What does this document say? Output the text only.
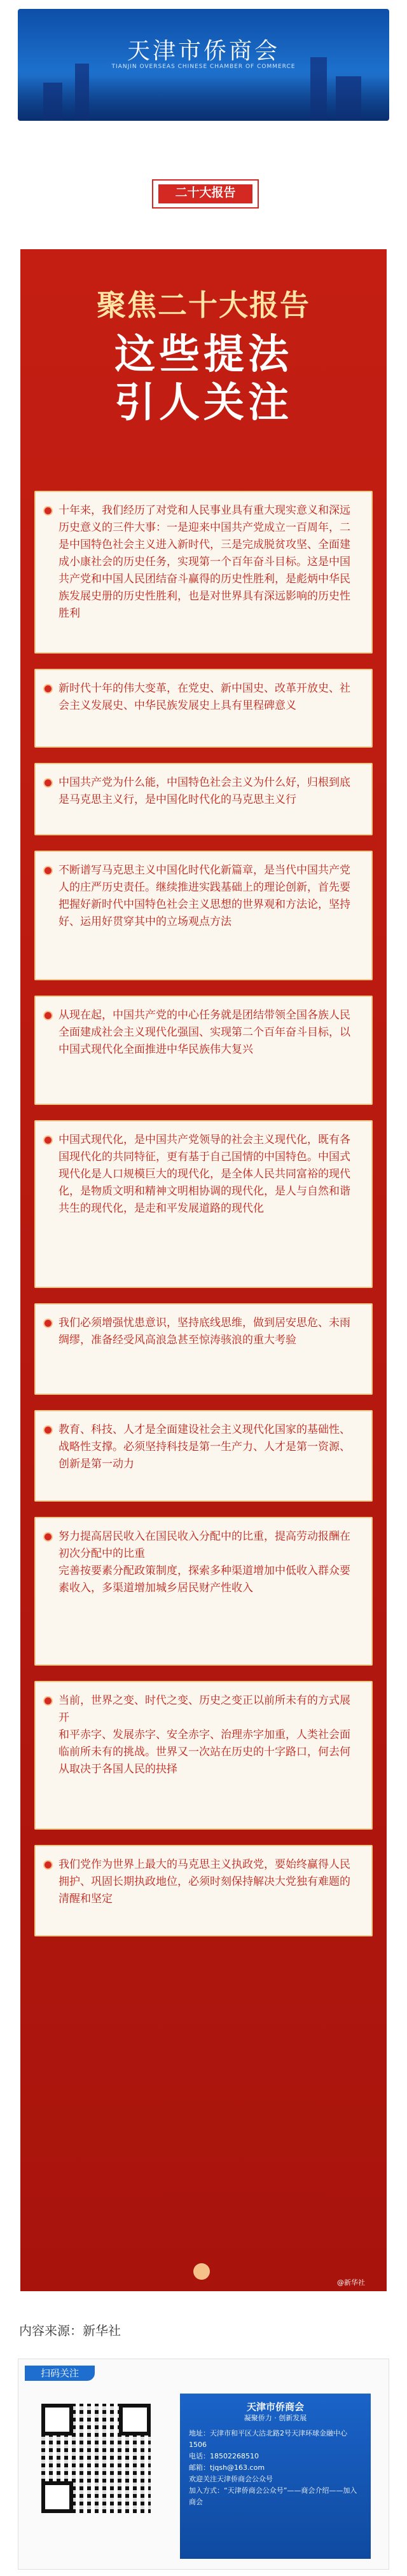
天津市侨商会
TIANJIN OVERSEAS CHINESE CHAMBER OF COMMERCE
二十大报告
聚焦二十大报告
这些提法
引人关注
十年来，我们经历了对党和人民事业具有重大现实意义和深远历史意义的三件大事：一是迎来中国共产党成立一百周年，二是中国特色社会主义进入新时代，三是完成脱贫攻坚、全面建成小康社会的历史任务，实现第一个百年奋斗目标。这是中国共产党和中国人民团结奋斗赢得的历史性胜利，是彪炳中华民族发展史册的历史性胜利，也是对世界具有深远影响的历史性胜利
新时代十年的伟大变革，在党史、新中国史、改革开放史、社会主义发展史、中华民族发展史上具有里程碑意义
中国共产党为什么能，中国特色社会主义为什么好，归根到底是马克思主义行，是中国化时代化的马克思主义行
不断谱写马克思主义中国化时代化新篇章，是当代中国共产党人的庄严历史责任。继续推进实践基础上的理论创新，首先要把握好新时代中国特色社会主义思想的世界观和方法论，坚持好、运用好贯穿其中的立场观点方法
从现在起，中国共产党的中心任务就是团结带领全国各族人民全面建成社会主义现代化强国、实现第二个百年奋斗目标，以中国式现代化全面推进中华民族伟大复兴
中国式现代化，是中国共产党领导的社会主义现代化，既有各国现代化的共同特征，更有基于自己国情的中国特色。中国式现代化是人口规模巨大的现代化，是全体人民共同富裕的现代化，是物质文明和精神文明相协调的现代化，是人与自然和谐共生的现代化，是走和平发展道路的现代化
我们必须增强忧患意识，坚持底线思维，做到居安思危、未雨绸缪，准备经受风高浪急甚至惊涛骇浪的重大考验
教育、科技、人才是全面建设社会主义现代化国家的基础性、战略性支撑。必须坚持科技是第一生产力、人才是第一资源、创新是第一动力
努力提高居民收入在国民收入分配中的比重，提高劳动报酬在初次分配中的比重
完善按要素分配政策制度，探索多种渠道增加中低收入群众要素收入，多渠道增加城乡居民财产性收入
当前，世界之变、时代之变、历史之变正以前所未有的方式展开
和平赤字、发展赤字、安全赤字、治理赤字加重，人类社会面临前所未有的挑战。世界又一次站在历史的十字路口，何去何从取决于各国人民的抉择
我们党作为世界上最大的马克思主义执政党，要始终赢得人民拥护、巩固长期执政地位，必须时刻保持解决大党独有难题的清醒和坚定
@新华社
内容来源：新华社
扫码关注
天津市侨商会
凝聚侨力 · 创新发展
地址：天津市和平区大沽北路2号天津环球金融中心1506
电话：18502268510
邮箱：tjqsh@163.com
欢迎关注天津侨商会公众号
加入方式：“天津侨商会公众号”——商会介绍——加入商会
